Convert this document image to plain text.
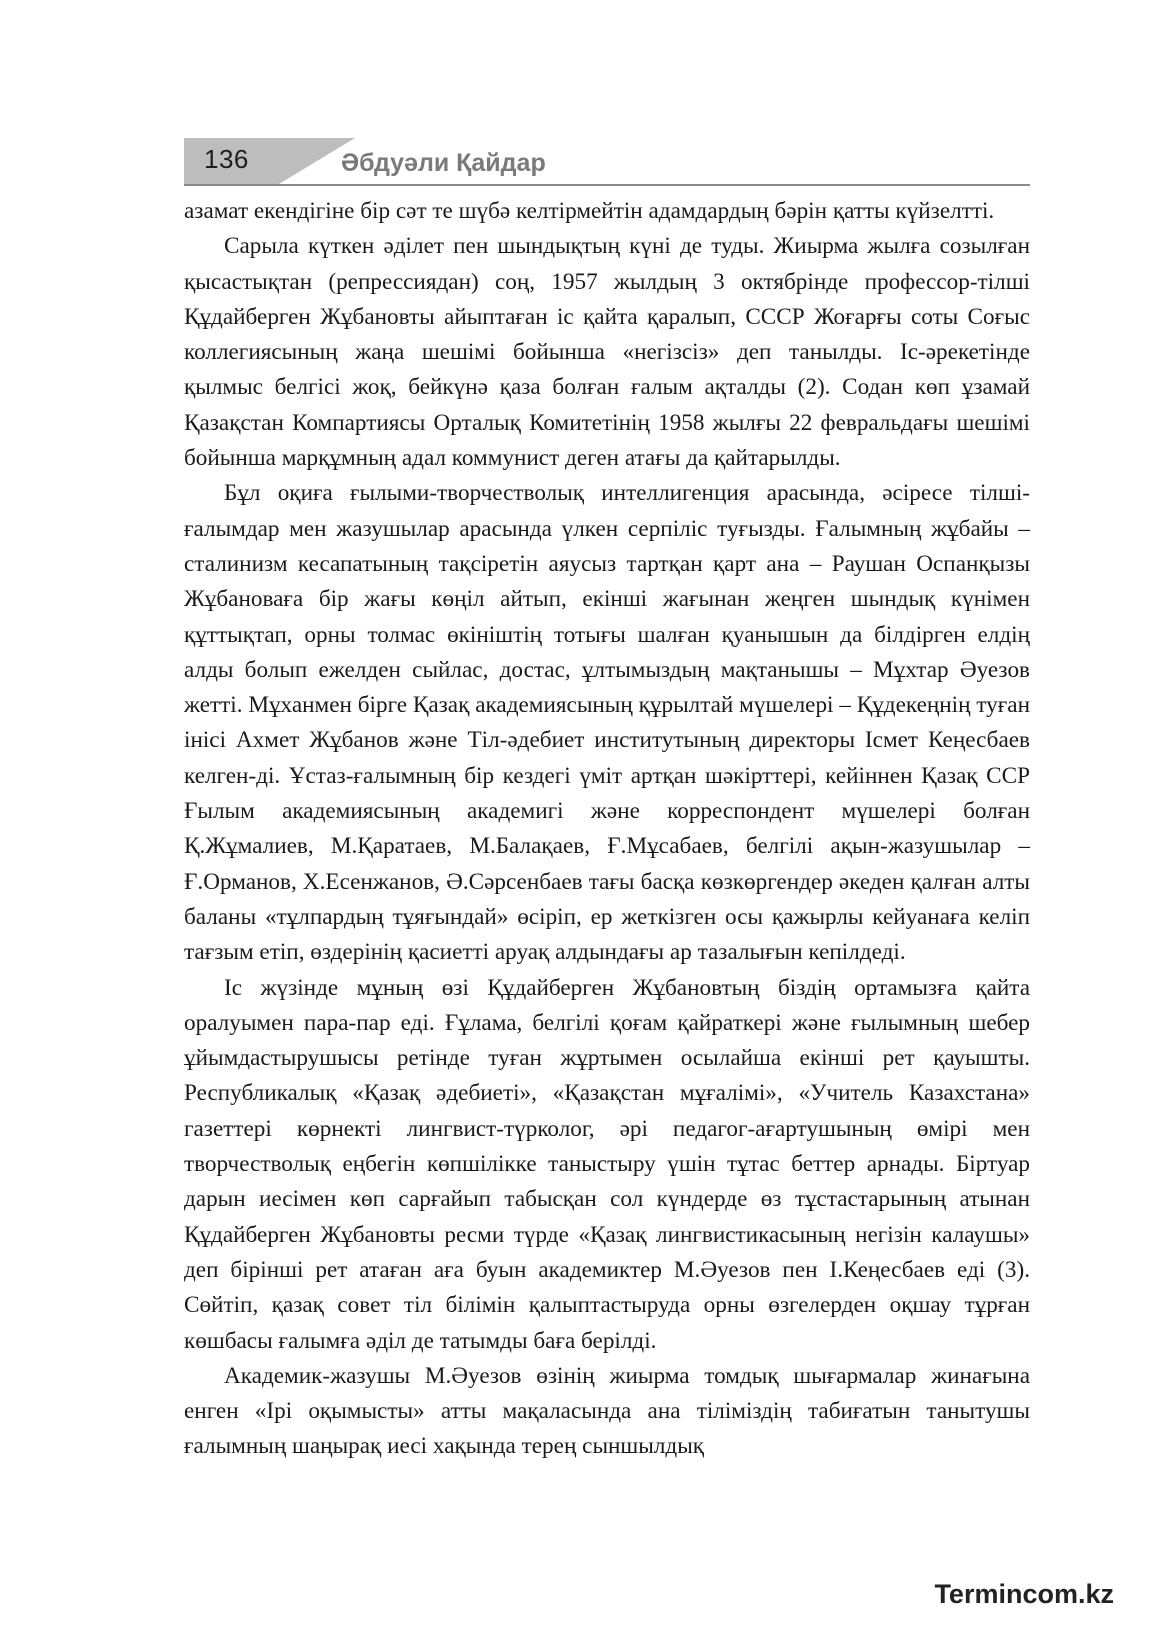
136	Әбдуәли Қайдар

азамат екендігіне бір сәт те шүбә келтірмейтін адамдардың бәрін қатты күйзелтті.

Сарыла күткен әділет пен шындықтың күні де туды. Жиырма жылға созылған қысастықтан (репрессиядан) соң, 1957 жылдың 3 октябрінде профессор-тілші Құдайберген Жұбановты айыптаған іс қайта қаралып, СССР Жоғарғы соты Соғыс коллегиясының жаңа шешімі бойынша «негізсіз» деп танылды. Іс-әрекетінде қылмыс белгісі жоқ, бейкүнә қаза болған ғалым ақталды (2). Содан көп ұзамай Қазақстан Компартиясы Орталық Комитетінің 1958 жылғы 22 февральдағы шешімі бойынша марқұмның адал коммунист деген атағы да қайтарылды.

Бұл оқиға ғылыми-творчестволық интеллигенция арасында, әсіресе тілші-ғалымдар мен жазушылар арасында үлкен серпіліс туғызды. Ғалымның жұбайы – сталинизм кесапатының тақсіретін аяусыз тартқан қарт ана – Раушан Оспанқызы Жұбановаға бір жағы көңіл айтып, екінші жағынан жеңген шындық күнімен құттықтап, орны толмас өкініштің тотығы шалған қуанышын да білдірген елдің алды болып ежелден сыйлас, достас, ұлтымыздың мақтанышы – Мұхтар Әуезов жетті. Мұханмен бірге Қазақ академиясының құрылтай мүшелері – Құдекеңнің туған інісі Ахмет Жұбанов және Тіл-әдебиет институтының директоры Ісмет Кеңесбаев келген-ді. Ұстаз-ғалымның бір кездегі үміт артқан шәкірттері, кейіннен Қазақ ССР Ғылым академиясының академигі және корреспондент мүшелері болған Қ.Жұмалиев, М.Қаратаев, М.Балақаев, Ғ.Мұсабаев, белгілі ақын-жазушылар – Ғ.Орманов, Х.Есенжанов, Ә.Сәрсенбаев тағы басқа көзкөргендер әкеден қалған алты баланы «тұлпардың тұяғындай» өсіріп, ер жеткізген осы қажырлы кейуанаға келіп тағзым етіп, өздерінің қасиетті аруақ алдындағы ар тазалығын кепілдеді.

Іс жүзінде мұның өзі Құдайберген Жұбановтың біздің ортамызға қайта оралуымен пара-пар еді. Ғұлама, белгілі қоғам қайраткері және ғылымның шебер ұйымдастырушысы ретінде туған жұртымен осылайша екінші рет қауышты. Республикалық «Қазақ әдебиеті», «Қазақстан мұғалімі», «Учитель Казахстана» газеттері көрнекті лингвист-түрколог, әрі педагог-ағартушының өмірі мен творчестволық еңбегін көпшілікке таныстыру үшін тұтас беттер арнады. Біртуар дарын иесімен көп сарғайып табысқан сол күндерде өз тұстастарының атынан Құдайберген Жұбановты ресми түрде «Қазақ лингвистикасының негізін калаушы» деп бірінші рет атаған аға буын академиктер М.Әуезов пен І.Кеңесбаев еді (3). Сөйтіп, қазақ совет тіл білімін қалыптастыруда орны өзгелерден оқшау тұрған көшбасы ғалымға әділ де татымды баға берілді.

Академик-жазушы М.Әуезов өзінің жиырма томдық шығармалар жинағына енген «Ірі оқымысты» атты мақаласында ана тіліміздің табиғатын танытушы ғалымның шаңырақ иесі хақында терең сыншылдық

Termincom.kz
